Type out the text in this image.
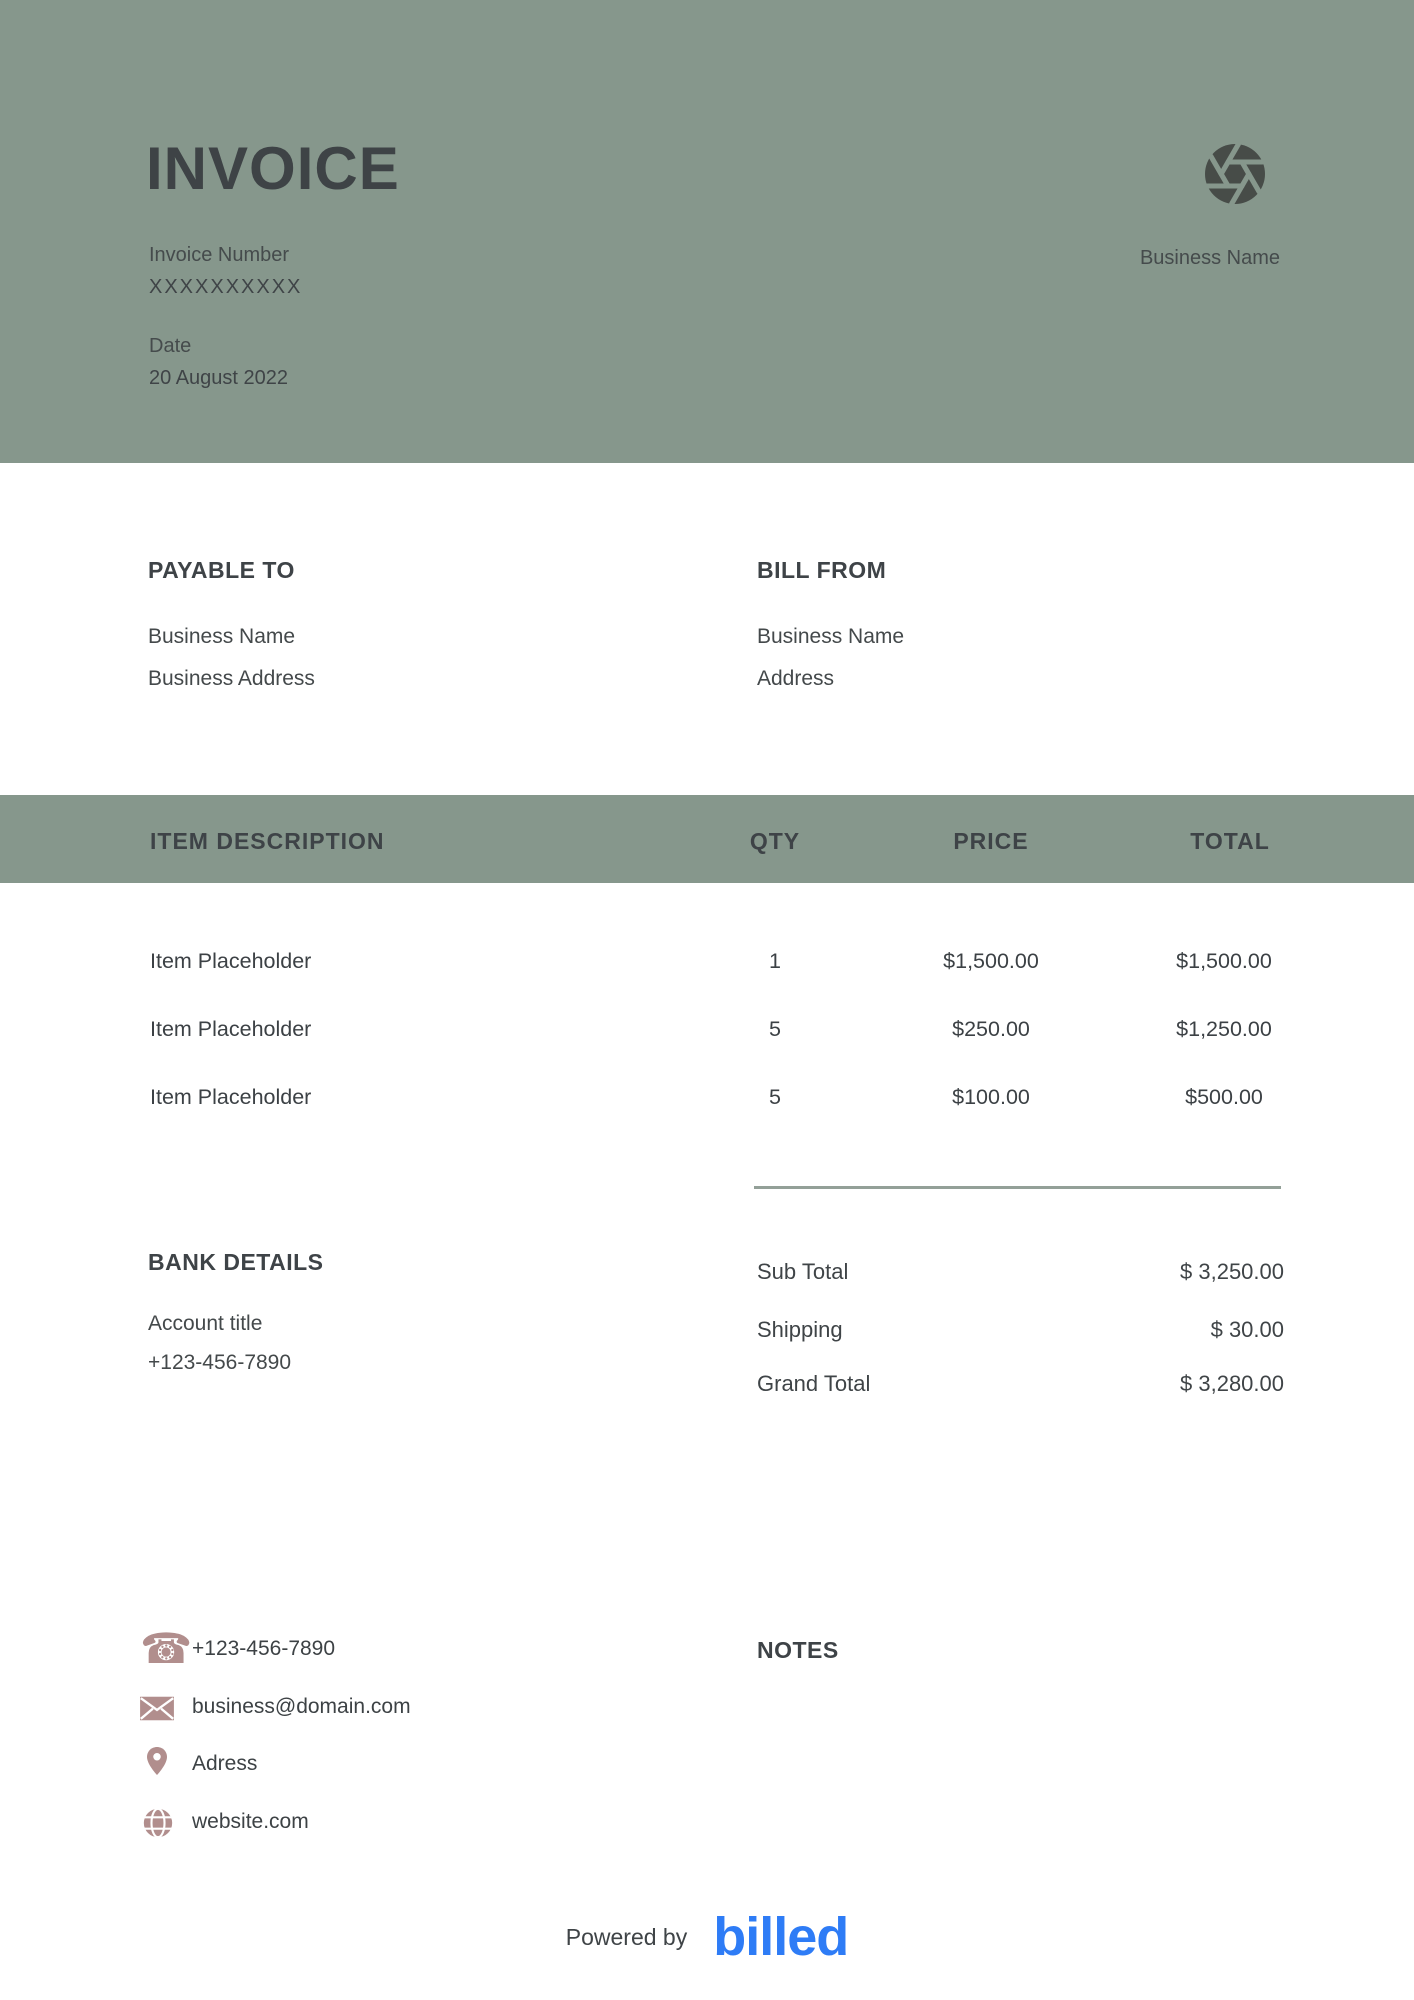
INVOICE
Invoice Number
XXXXXXXXXX
Date
20 August 2022
Business Name
PAYABLE TO
Business Name
Business Address
BILL FROM
Business Name
Address
ITEM DESCRIPTION	QTY	PRICE	TOTAL
Item Placeholder	1	$1,500.00	$1,500.00
Item Placeholder	5	$250.00	$1,250.00
Item Placeholder	5	$100.00	$500.00
BANK DETAILS
Account title
+123-456-7890
Sub Total	$ 3,250.00
Shipping	$ 30.00
Grand Total	$ 3,280.00
☎
+123-456-7890
business@domain.com
Adress
website.com
NOTES
Powered by billed
